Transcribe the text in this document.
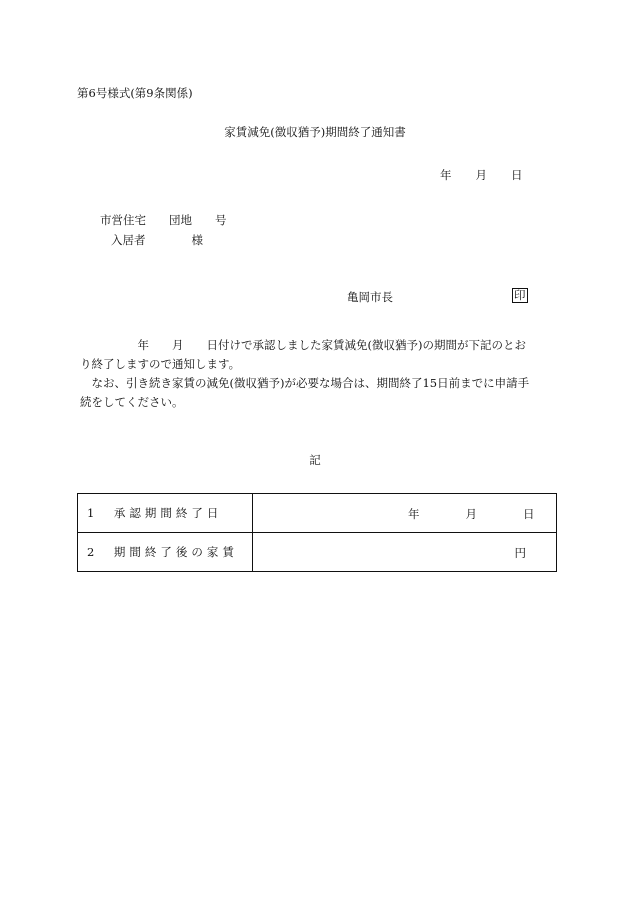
第6号様式(第9条関係)
家賃減免(徴収猶予)期間終了通知書
年 月 日
市営住宅　　団地　　号
入居者　　　　様
亀岡市長	印

　　　　　年　　月　　日付けで承認しました家賃減免(徴収猶予)の期間が下記のとお

り終了しますので通知します。

　なお、引き続き家賃の減免(徴収猶予)が必要な場合は、期間終了15日前までに申請手

続をしてください。

記
1　承認期間終了日	年　　　　月　　　　日

2　期間終了後の家賃	円
